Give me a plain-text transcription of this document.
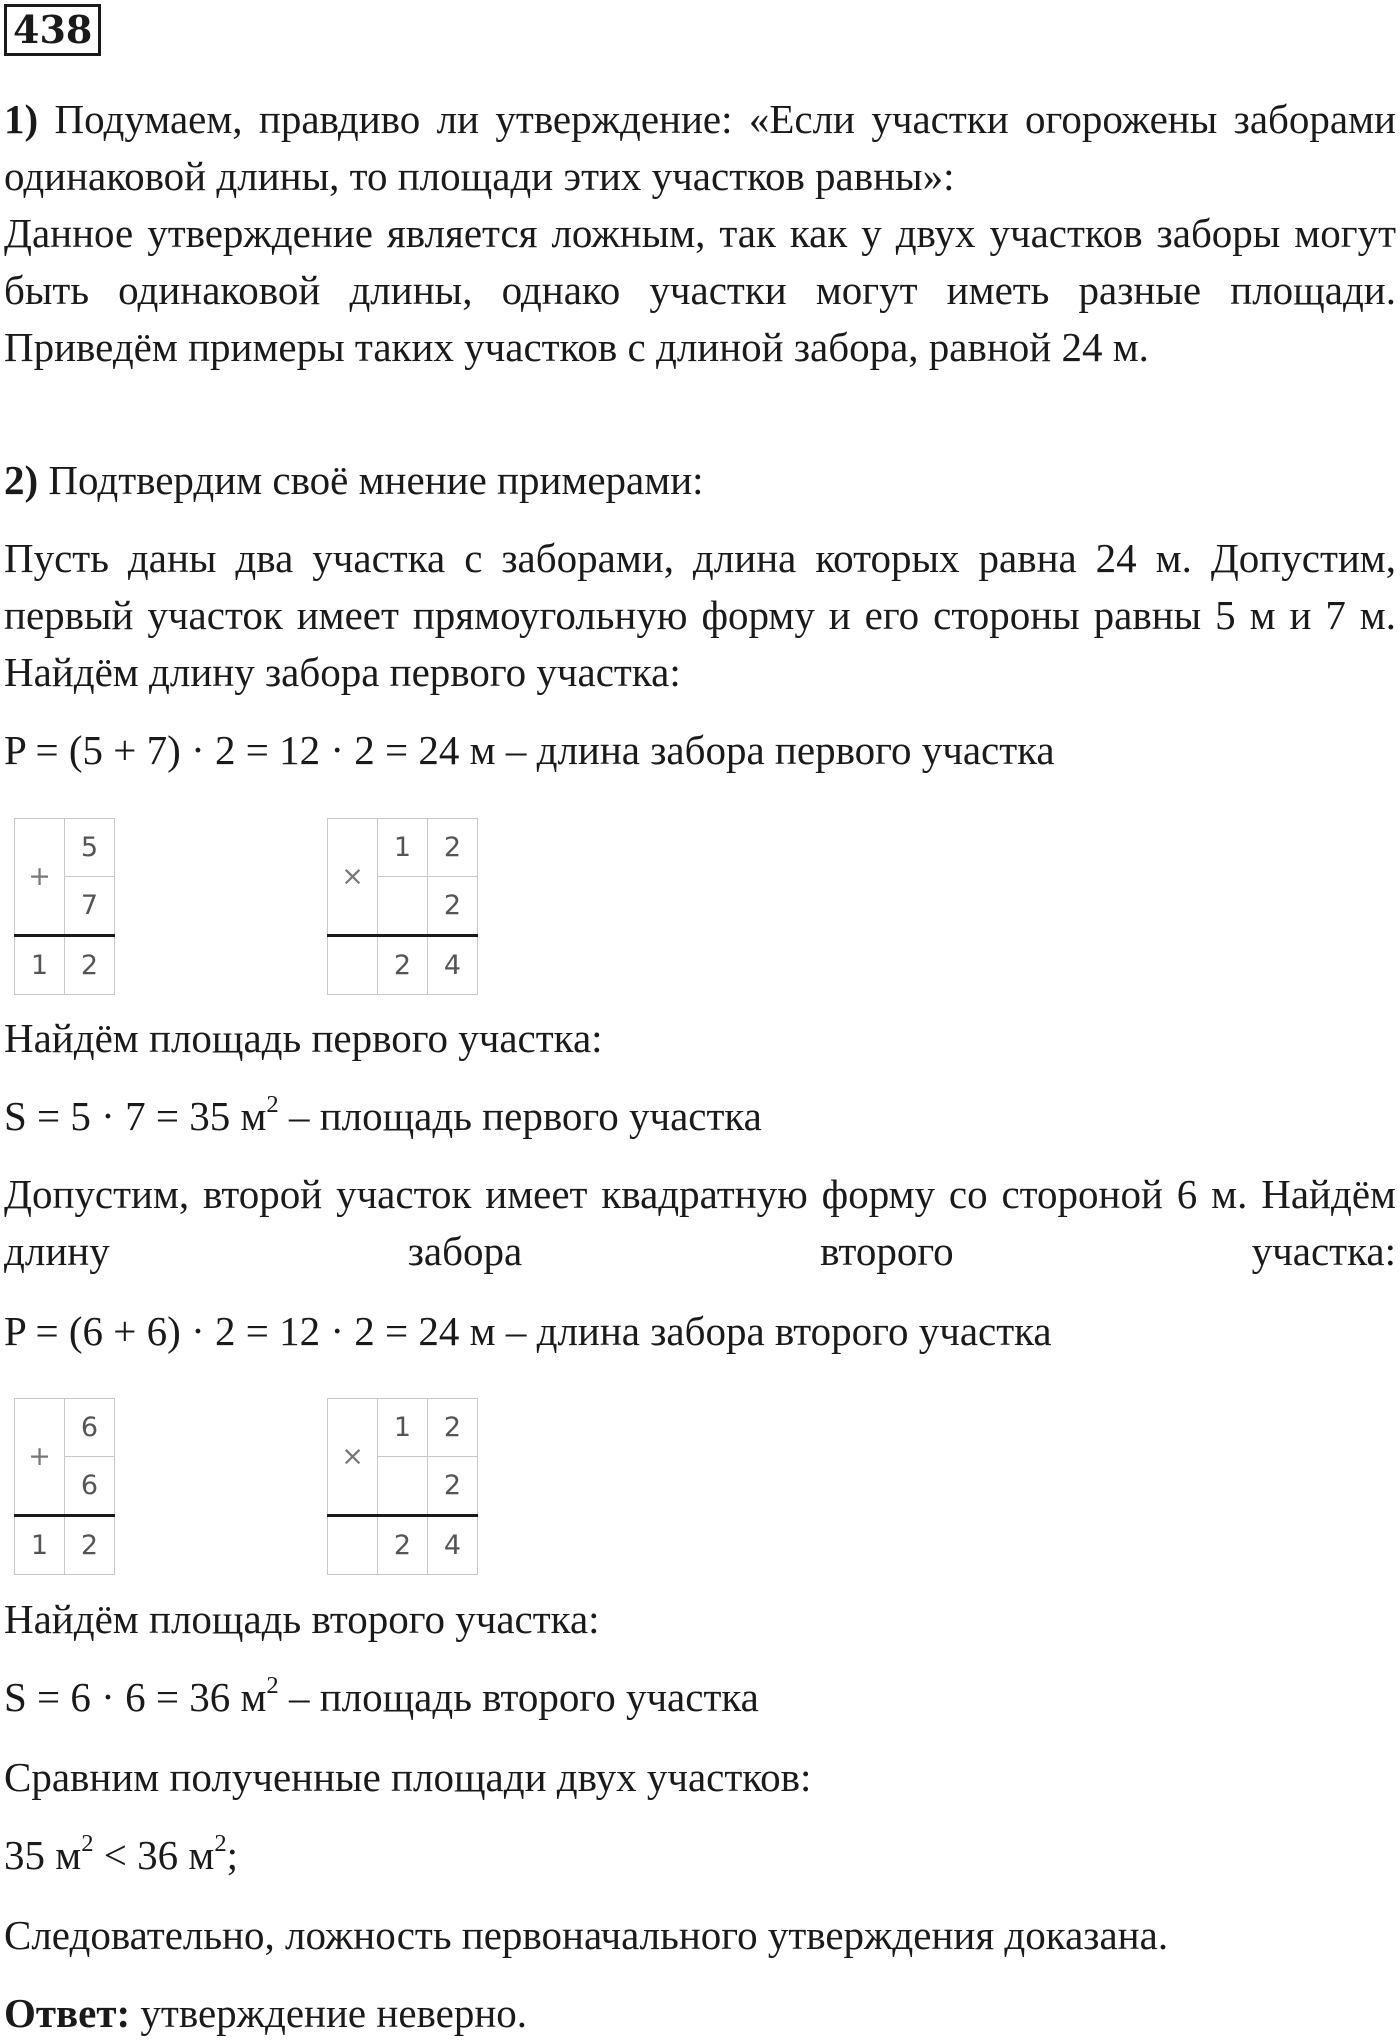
438
1) Подумаем, правдиво ли утверждение: «Если участки огорожены заборами одинаковой длины, то площади этих участков равны»:
Данное утверждение является ложным, так как у двух участков заборы могут быть одинаковой длины, однако участки могут иметь разные площади. Приведём примеры таких участков с длиной забора, равной 24 м.
2) Подтвердим своё мнение примерами:
Пусть даны два участка с заборами, длина которых равна 24 м. Допустим, первый участок имеет прямоугольную форму и его стороны равны 5 м и 7 м. Найдём длину забора первого участка:
P = (5 + 7) · 2 = 12 · 2 = 24 м – длина забора первого участка
+	5
	7
1	2
×	1	2
		2
	2	4
Найдём площадь первого участка:
S = 5 · 7 = 35 $м^2$ – площадь первого участка
Допустим, второй участок имеет квадратную форму со стороной 6 м. Найдём длину забора второго участка:
P = (6 + 6) · 2 = 12 · 2 = 24 м – длина забора второго участка
+	6
	6
1	2
×	1	2
		2
	2	4
Найдём площадь второго участка:
S = 6 · 6 = 36 $м^2$ – площадь второго участка
Сравним полученные площади двух участков:
35 $м^2 < 36$ $м^2$;
Следовательно, ложность первоначального утверждения доказана.
Ответ: утверждение неверно.
